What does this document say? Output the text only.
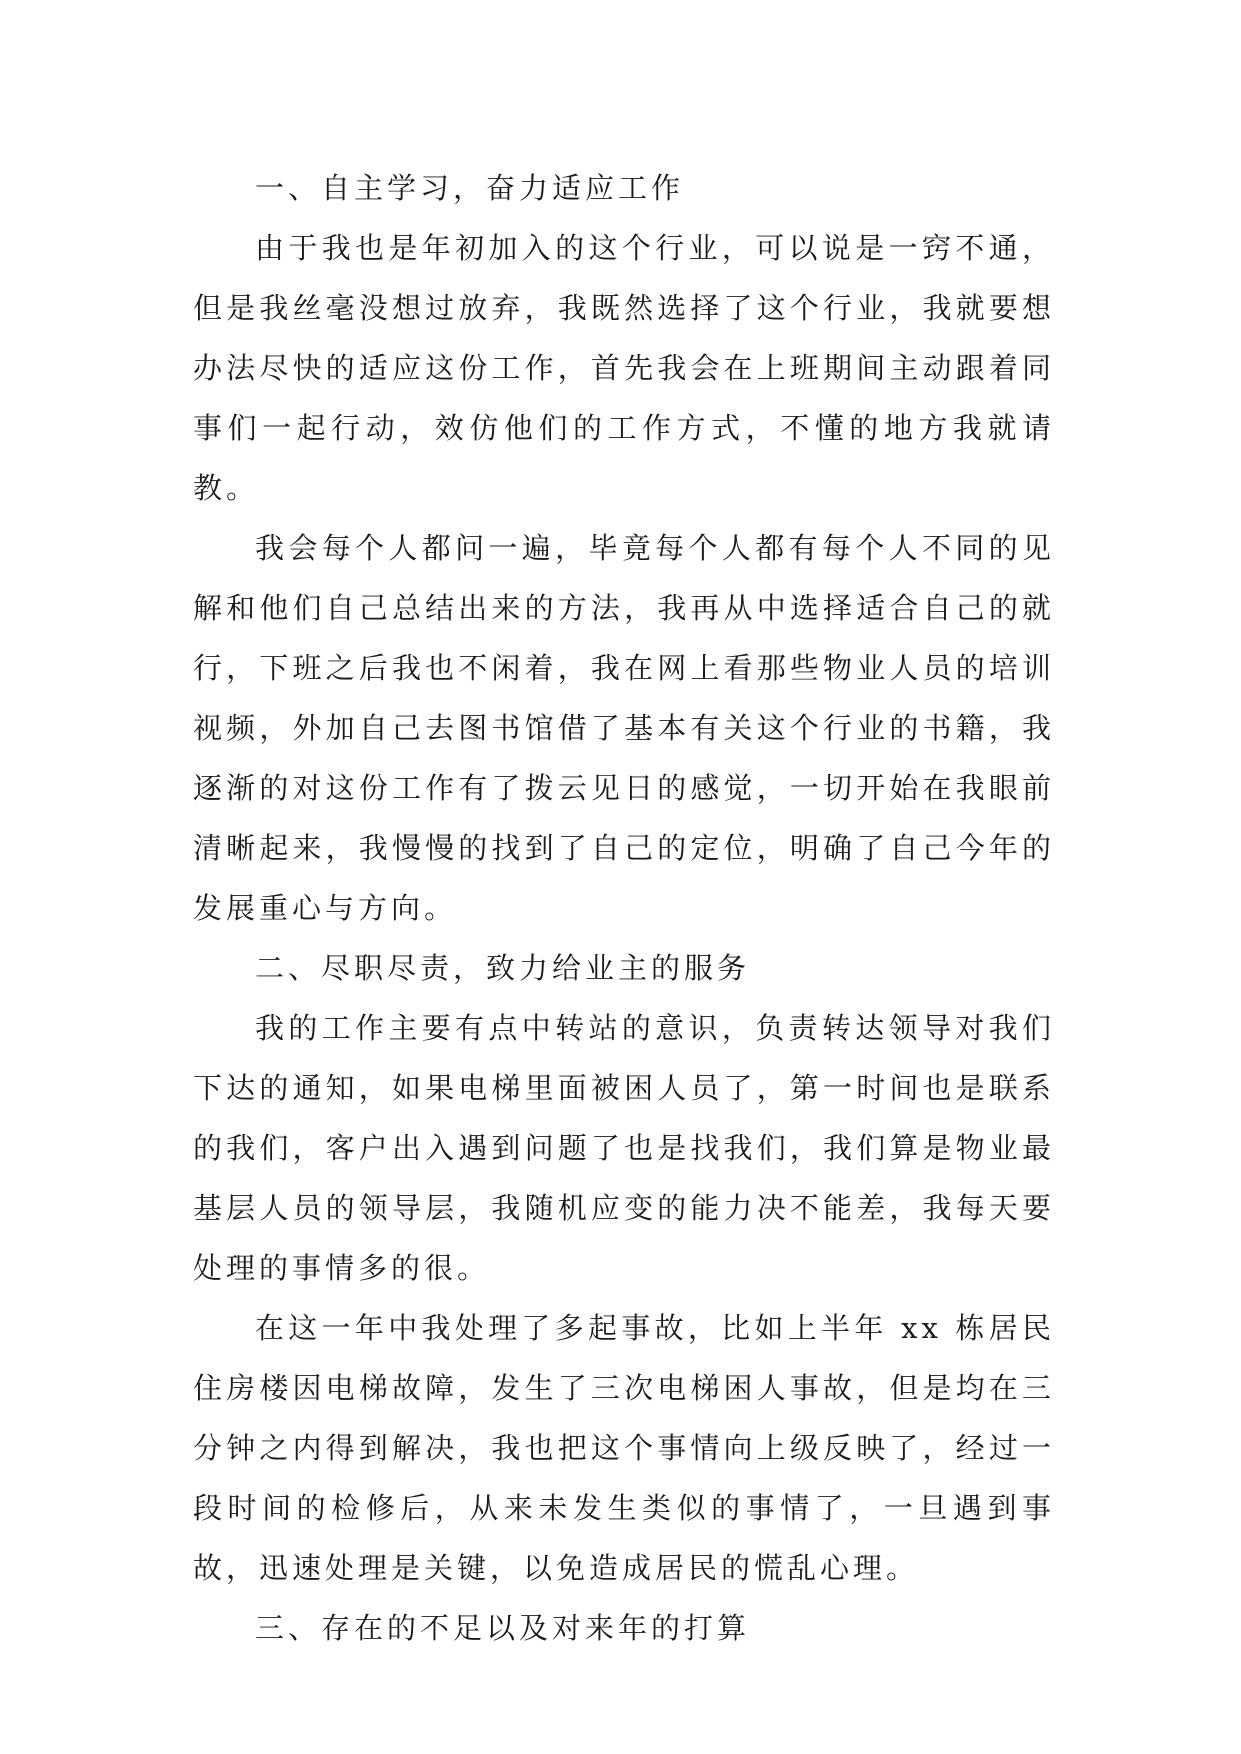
一、自主学习，奋力适应工作

由于我也是年初加入的这个行业，可以说是一窍不通，但是我丝毫没想过放弃，我既然选择了这个行业，我就要想办法尽快的适应这份工作，首先我会在上班期间主动跟着同事们一起行动，效仿他们的工作方式，不懂的地方我就请教。

我会每个人都问一遍，毕竟每个人都有每个人不同的见解和他们自己总结出来的方法，我再从中选择适合自己的就行，下班之后我也不闲着，我在网上看那些物业人员的培训视频，外加自己去图书馆借了基本有关这个行业的书籍，我逐渐的对这份工作有了拨云见日的感觉，一切开始在我眼前清晰起来，我慢慢的找到了自己的定位，明确了自己今年的发展重心与方向。

二、尽职尽责，致力给业主的服务

我的工作主要有点中转站的意识，负责转达领导对我们下达的通知，如果电梯里面被困人员了，第一时间也是联系的我们，客户出入遇到问题了也是找我们，我们算是物业最基层人员的领导层，我随机应变的能力决不能差，我每天要处理的事情多的很。

在这一年中我处理了多起事故，比如上半年 xx 栋居民住房楼因电梯故障，发生了三次电梯困人事故，但是均在三分钟之内得到解决，我也把这个事情向上级反映了，经过一段时间的检修后，从来未发生类似的事情了，一旦遇到事故，迅速处理是关键，以免造成居民的慌乱心理。

三、存在的不足以及对来年的打算
